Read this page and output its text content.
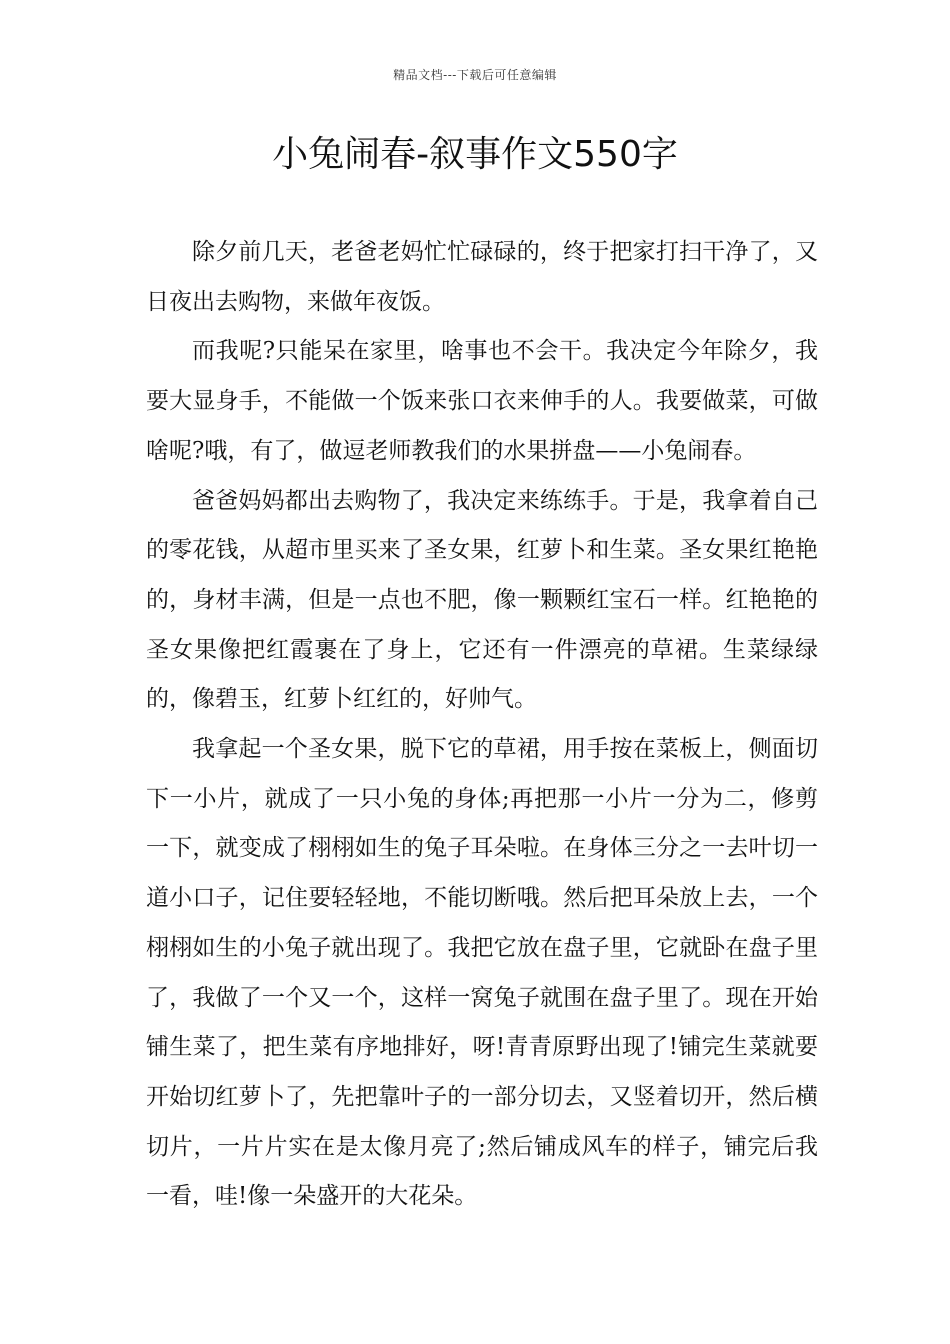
精品文档---下载后可任意编辑
小兔闹春-叙事作文550字

除夕前几天，老爸老妈忙忙碌碌的，终于把家打扫干净了，又日夜出去购物，来做年夜饭。

而我呢?只能呆在家里，啥事也不会干。我决定今年除夕，我要大显身手，不能做一个饭来张口衣来伸手的人。我要做菜，可做啥呢?哦，有了，做逗老师教我们的水果拼盘——小兔闹春。

爸爸妈妈都出去购物了，我决定来练练手。于是，我拿着自己的零花钱，从超市里买来了圣女果，红萝卜和生菜。圣女果红艳艳的，身材丰满，但是一点也不肥，像一颗颗红宝石一样。红艳艳的圣女果像把红霞裹在了身上，它还有一件漂亮的草裙。生菜绿绿的，像碧玉，红萝卜红红的，好帅气。

我拿起一个圣女果，脱下它的草裙，用手按在菜板上，侧面切下一小片，就成了一只小兔的身体;再把那一小片一分为二，修剪一下，就变成了栩栩如生的兔子耳朵啦。在身体三分之一去叶切一道小口子，记住要轻轻地，不能切断哦。然后把耳朵放上去，一个栩栩如生的小兔子就出现了。我把它放在盘子里，它就卧在盘子里了，我做了一个又一个，这样一窝兔子就围在盘子里了。现在开始铺生菜了，把生菜有序地排好，呀!青青原野出现了!铺完生菜就要开始切红萝卜了，先把靠叶子的一部分切去，又竖着切开，然后横切片，一片片实在是太像月亮了;然后铺成风车的样子，铺完后我一看，哇!像一朵盛开的大花朵。
